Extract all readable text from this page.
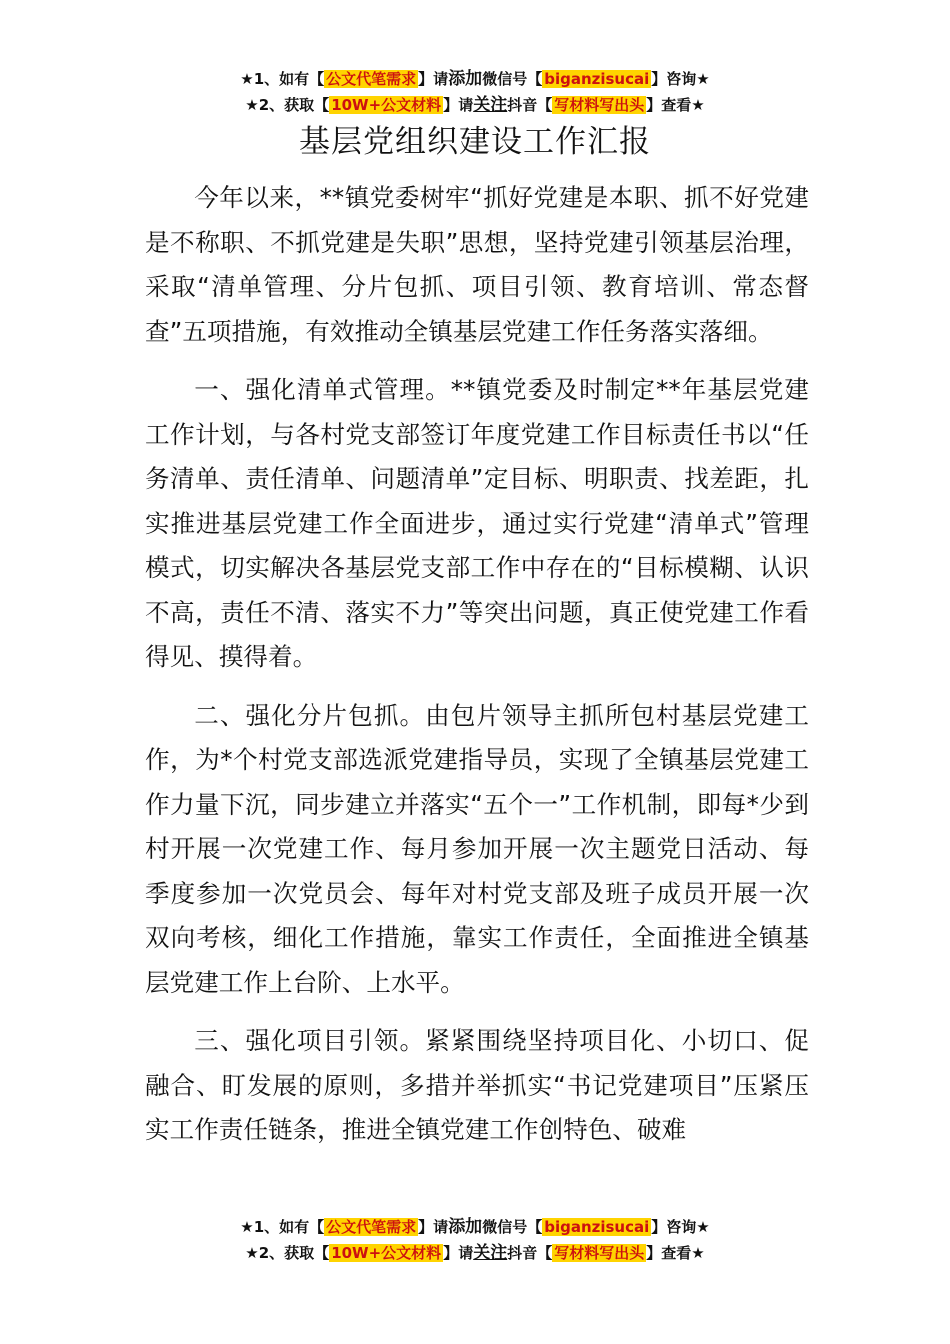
★1、如有【 公文代笔需求 】请添加微信号【 biganzisucai 】咨询★
★2、获取【 10W+公文材料 】请关注抖音【 写材料写出头 】查看★
基层党组织建设工作汇报

今年以来，**镇党委树牢“抓好党建是本职、抓不好党建是不称职、不抓党建是失职”思想，坚持党建引领基层治理，采取“清单管理、分片包抓、项目引领、教育培训、常态督查”五项措施，有效推动全镇基层党建工作任务落实落细。

一、强化清单式管理。**镇党委及时制定**年基层党建工作计划，与各村党支部签订年度党建工作目标责任书以“任务清单、责任清单、问题清单”定目标、明职责、找差距，扎实推进基层党建工作全面进步，通过实行党建“清单式”管理模式，切实解决各基层党支部工作中存在的“目标模糊、认识不高，责任不清、落实不力”等突出问题，真正使党建工作看得见、摸得着。

二、强化分片包抓。由包片领导主抓所包村基层党建工作，为*个村党支部选派党建指导员，实现了全镇基层党建工作力量下沉，同步建立并落实“五个一”工作机制，即每*少到村开展一次党建工作、每月参加开展一次主题党日活动、每季度参加一次党员会、每年对村党支部及班子成员开展一次双向考核，细化工作措施，靠实工作责任，全面推进全镇基层党建工作上台阶、上水平。

三、强化项目引领。紧紧围绕坚持项目化、小切口、促融合、盯发展的原则，多措并举抓实“书记党建项目”压紧压实工作责任链条，推进全镇党建工作创特色、破难

★1、如有【 公文代笔需求 】请添加微信号【 biganzisucai 】咨询★
★2、获取【 10W+公文材料 】请关注抖音【 写材料写出头 】查看★
